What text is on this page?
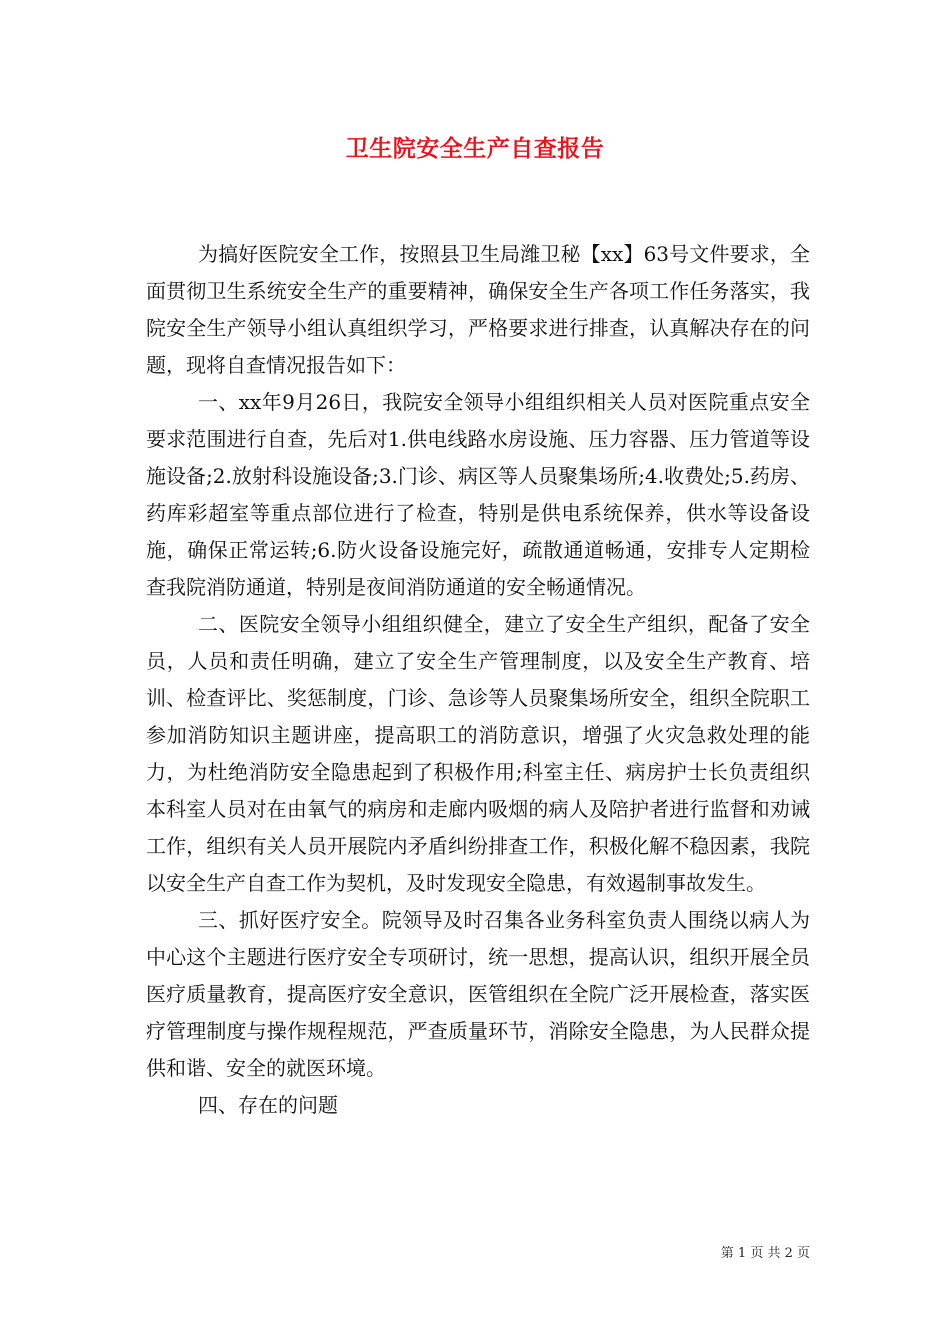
卫生院安全生产自查报告

为搞好医院安全工作，按照县卫生局潍卫秘【xx】63号文件要求，全面贯彻卫生系统安全生产的重要精神，确保安全生产各项工作任务落实，我院安全生产领导小组认真组织学习，严格要求进行排查，认真解决存在的问题，现将自查情况报告如下：

一、xx年9月26日，我院安全领导小组组织相关人员对医院重点安全要求范围进行自查，先后对1.供电线路水房设施、压力容器、压力管道等设施设备;2.放射科设施设备;3.门诊、病区等人员聚集场所;4.收费处;5.药房、药库彩超室等重点部位进行了检查，特别是供电系统保养，供水等设备设施，确保正常运转;6.防火设备设施完好，疏散通道畅通，安排专人定期检查我院消防通道，特别是夜间消防通道的安全畅通情况。

二、医院安全领导小组组织健全，建立了安全生产组织，配备了安全员，人员和责任明确，建立了安全生产管理制度，以及安全生产教育、培训、检查评比、奖惩制度，门诊、急诊等人员聚集场所安全，组织全院职工参加消防知识主题讲座，提高职工的消防意识，增强了火灾急救处理的能力，为杜绝消防安全隐患起到了积极作用;科室主任、病房护士长负责组织本科室人员对在由氧气的病房和走廊内吸烟的病人及陪护者进行监督和劝诫工作，组织有关人员开展院内矛盾纠纷排查工作，积极化解不稳因素，我院以安全生产自查工作为契机，及时发现安全隐患，有效遏制事故发生。

三、抓好医疗安全。院领导及时召集各业务科室负责人围绕以病人为中心这个主题进行医疗安全专项研讨，统一思想，提高认识，组织开展全员医疗质量教育，提高医疗安全意识，医管组织在全院广泛开展检查，落实医疗管理制度与操作规程规范，严查质量环节，消除安全隐患，为人民群众提供和谐、安全的就医环境。

四、存在的问题

第 1 页 共 2 页
